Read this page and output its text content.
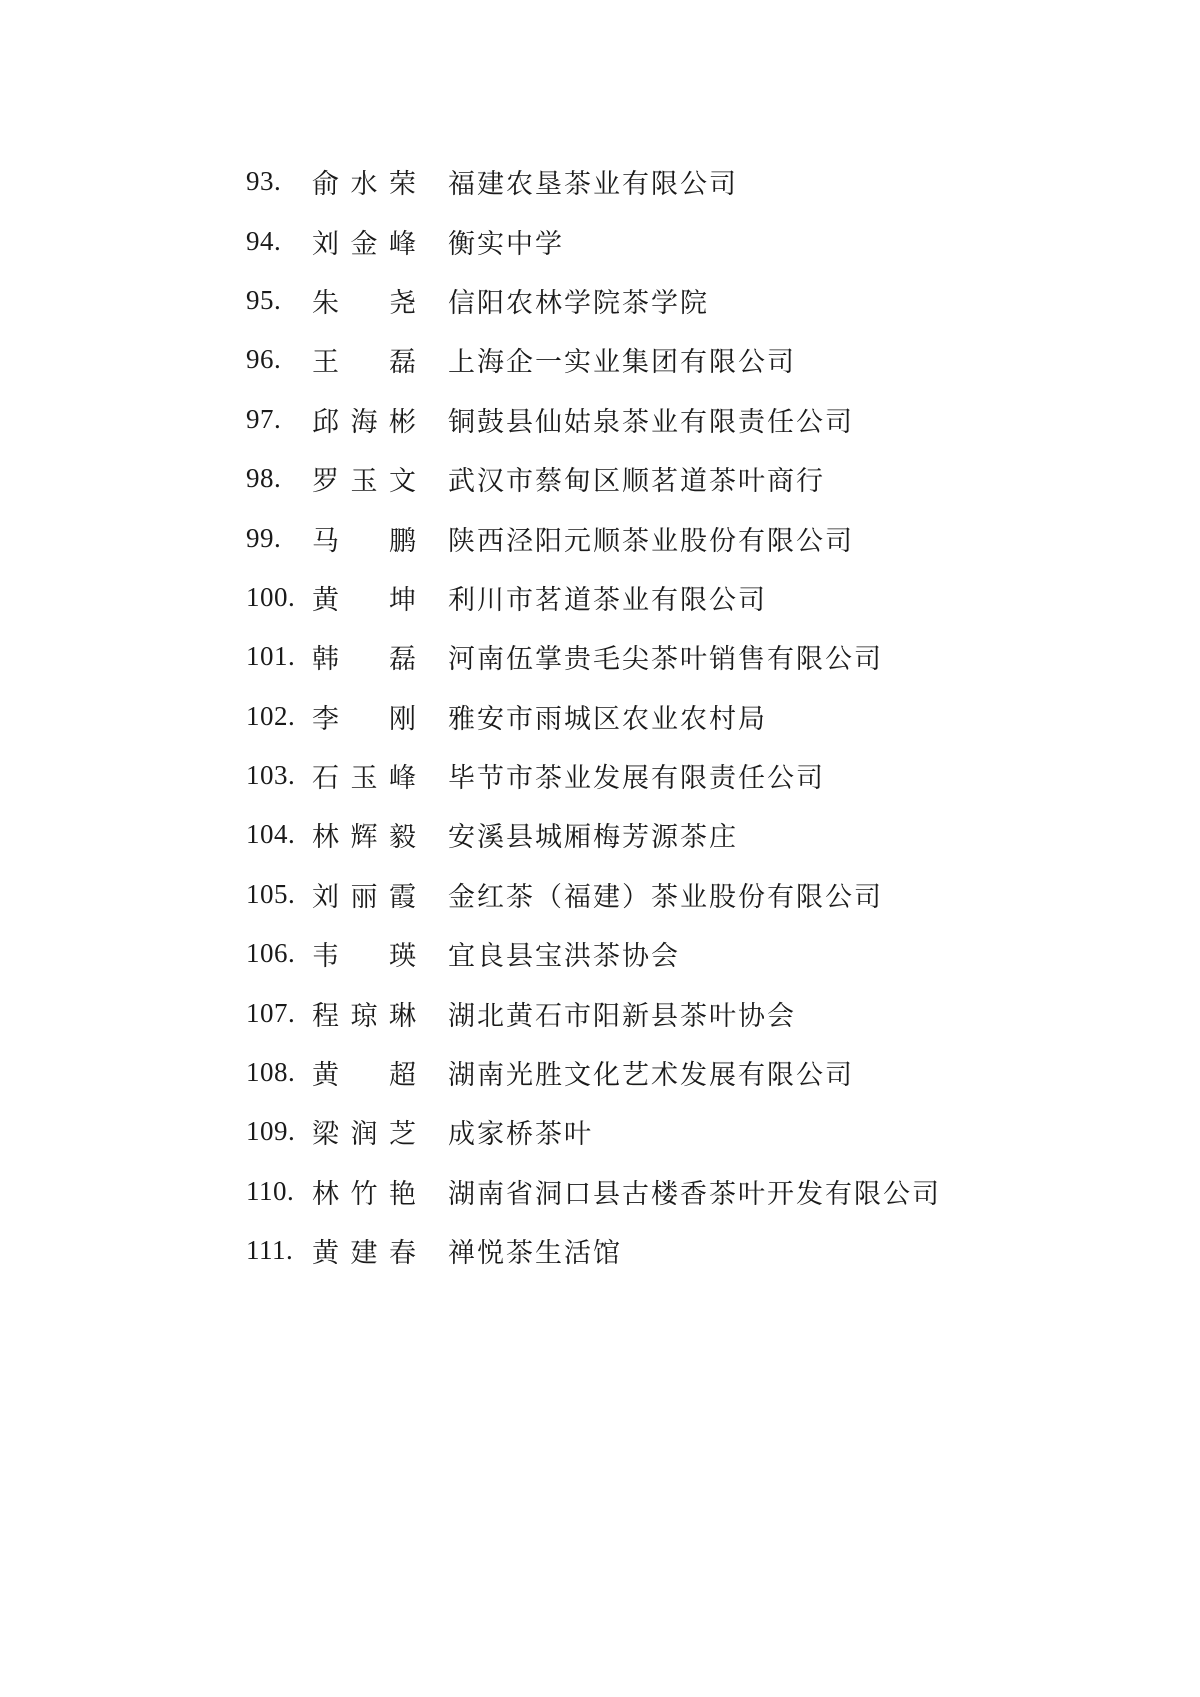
93.	俞水荣	福建农垦茶业有限公司
94.	刘金峰	衡实中学
95.	朱 尧	信阳农林学院茶学院
96.	王 磊	上海企一实业集团有限公司
97.	邱海彬	铜鼓县仙姑泉茶业有限责任公司
98.	罗玉文	武汉市蔡甸区顺茗道茶叶商行
99.	马 鹏	陕西泾阳元顺茶业股份有限公司
100. 黄 坤	利川市茗道茶业有限公司
101. 韩 磊	河南伍掌贵毛尖茶叶销售有限公司
102. 李 刚	雅安市雨城区农业农村局
103. 石玉峰	毕节市茶业发展有限责任公司
104. 林辉毅	安溪县城厢梅芳源茶庄
105. 刘丽霞	金红茶（福建）茶业股份有限公司
106. 韦 瑛	宜良县宝洪茶协会
107. 程琼琳	湖北黄石市阳新县茶叶协会
108. 黄 超	湖南光胜文化艺术发展有限公司
109. 梁润芝	成家桥茶叶
110. 林竹艳	湖南省洞口县古楼香茶叶开发有限公司
111. 黄建春	禅悦茶生活馆
